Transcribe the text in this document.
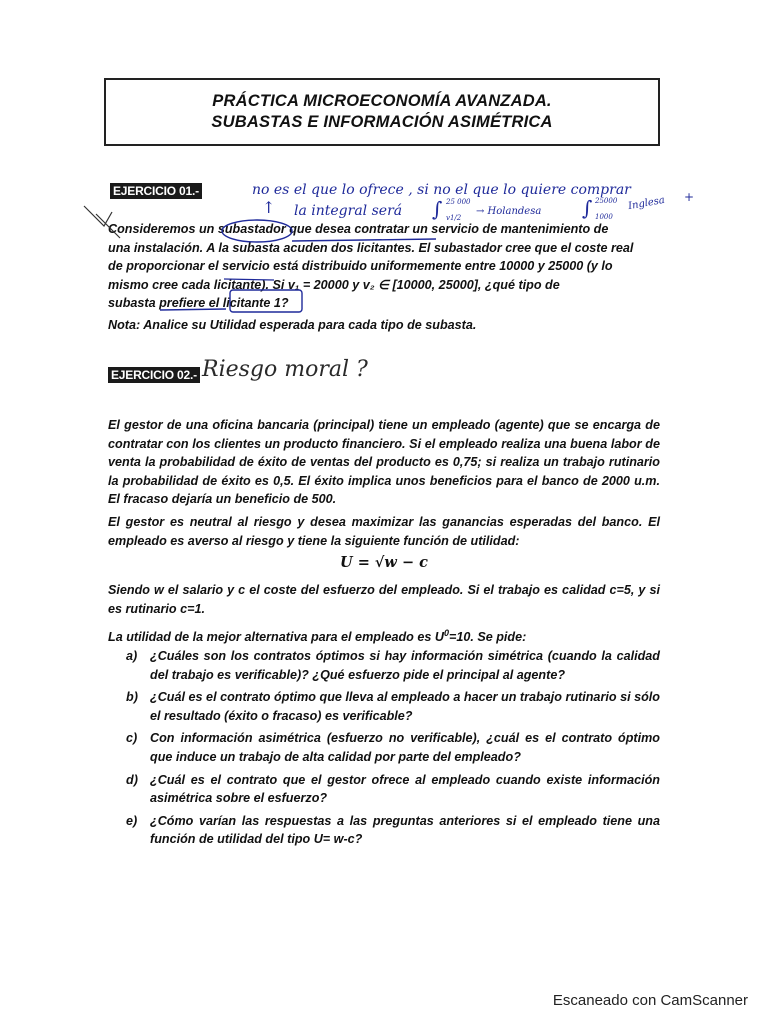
PRÁCTICA MICROECONOMÍA AVANZADA.
SUBASTAS E INFORMACIÓN ASIMÉTRICA
EJERCICIO 01.-	no es el que lo ofrece , si no el que lo quiere comprar
↑ la integral será ∫ 25 000
v1/2
→ Holandesa ∫ 25000
1000
Inglesa +
Consideremos un subastador que desea contratar un servicio de mantenimiento de
una instalación. A la subasta acuden dos licitantes. El subastador cree que el coste real
de proporcionar el servicio está distribuido uniformemente entre 10000 y 25000 (y lo
mismo cree cada licitante). Si v₁ = 20000 y v₂ ∈ [10000, 25000], ¿qué tipo de
subasta prefiere el licitante 1?
Nota: Analice su Utilidad esperada para cada tipo de subasta.
EJERCICIO 02.- Riesgo moral ?

El gestor de una oficina bancaria (principal) tiene un empleado (agente) que se encarga de contratar con los clientes un producto financiero. Si el empleado realiza una buena labor de venta la probabilidad de éxito de ventas del producto es 0,75; si realiza un trabajo rutinario la probabilidad de éxito es 0,5. El éxito implica unos beneficios para el banco de 2000 u.m. El fracaso dejaría un beneficio de 500.

El gestor es neutral al riesgo y desea maximizar las ganancias esperadas del banco. El empleado es averso al riesgo y tiene la siguiente función de utilidad:

U = √w − c

Siendo w el salario y c el coste del esfuerzo del empleado. Si el trabajo es calidad c=5, y si es rutinario c=1.

La utilidad de la mejor alternativa para el empleado es $U^0=10$. Se pide:

a) ¿Cuáles son los contratos óptimos si hay información simétrica (cuando la calidad del trabajo es verificable)? ¿Qué esfuerzo pide el principal al agente?
b) ¿Cuál es el contrato óptimo que lleva al empleado a hacer un trabajo rutinario si sólo el resultado (éxito o fracaso) es verificable?
c) Con información asimétrica (esfuerzo no verificable), ¿cuál es el contrato óptimo que induce un trabajo de alta calidad por parte del empleado?
d) ¿Cuál es el contrato que el gestor ofrece al empleado cuando existe información asimétrica sobre el esfuerzo?
e) ¿Cómo varían las respuestas a las preguntas anteriores si el empleado tiene una función de utilidad del tipo U= w-c?
Escaneado con CamScanner
